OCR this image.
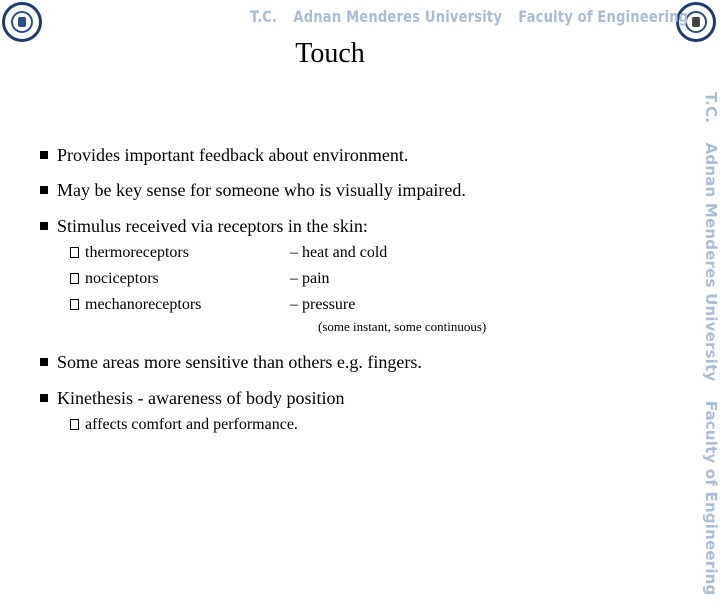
T.C. Adnan Menderes University Faculty of Engineering
T.C. Adnan Menderes University Faculty of Engineering
Touch
Provides important feedback about environment.
May be key sense for someone who is visually impaired.
Stimulus received via receptors in the skin:
thermoreceptors	– heat and cold
nociceptors	– pain
mechanoreceptors	– pressure
(some instant, some continuous)
Some areas more sensitive than others e.g. fingers.
Kinethesis - awareness of body position
affects comfort and performance.
